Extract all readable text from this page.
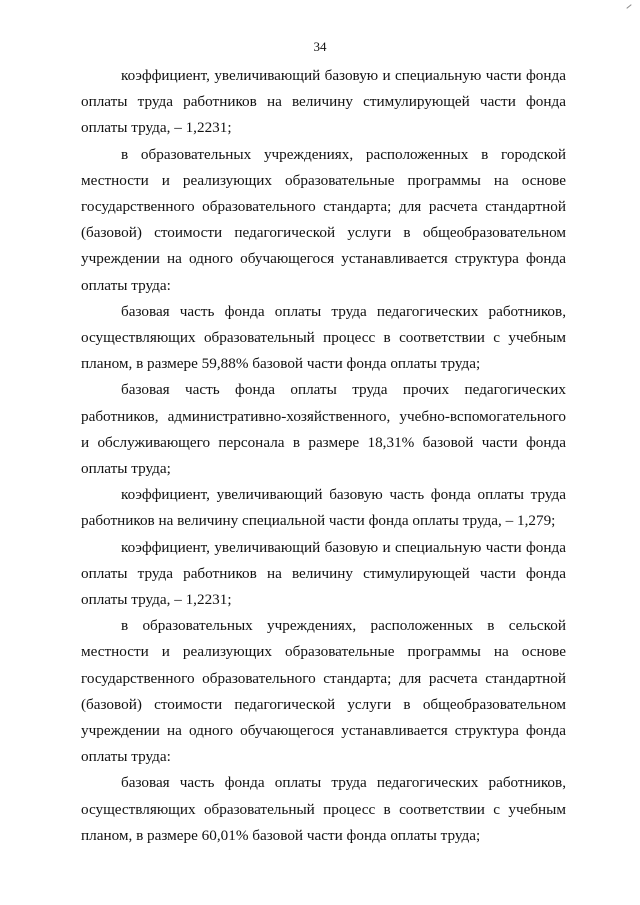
34

коэффициент, увеличивающий базовую и специальную части фонда оплаты труда работников на величину стимулирующей части фонда оплаты труда, – 1,2231;

в образовательных учреждениях, расположенных в городской местности и реализующих образовательные программы на основе государственного образовательного стандарта; для расчета стандартной (базовой) стоимости педагогической услуги в общеобразовательном учреждении на одного обучающегося устанавливается структура фонда оплаты труда:

базовая часть фонда оплаты труда педагогических работников, осуществляющих образовательный процесс в соответствии с учебным планом, в размере 59,88% базовой части фонда оплаты труда;

базовая часть фонда оплаты труда прочих педагогических работников, административно-хозяйственного, учебно-вспомогательного и обслуживающего персонала в размере 18,31% базовой части фонда оплаты труда;

коэффициент, увеличивающий базовую часть фонда оплаты труда работников на величину специальной части фонда оплаты труда, – 1,279;

коэффициент, увеличивающий базовую и специальную части фонда оплаты труда работников на величину стимулирующей части фонда оплаты труда, – 1,2231;

в образовательных учреждениях, расположенных в сельской местности и реализующих образовательные программы на основе государственного образовательного стандарта; для расчета стандартной (базовой) стоимости педагогической услуги в общеобразовательном учреждении на одного обучающегося устанавливается структура фонда оплаты труда:

базовая часть фонда оплаты труда педагогических работников, осуществляющих образовательный процесс в соответствии с учебным планом, в размере 60,01% базовой части фонда оплаты труда;
